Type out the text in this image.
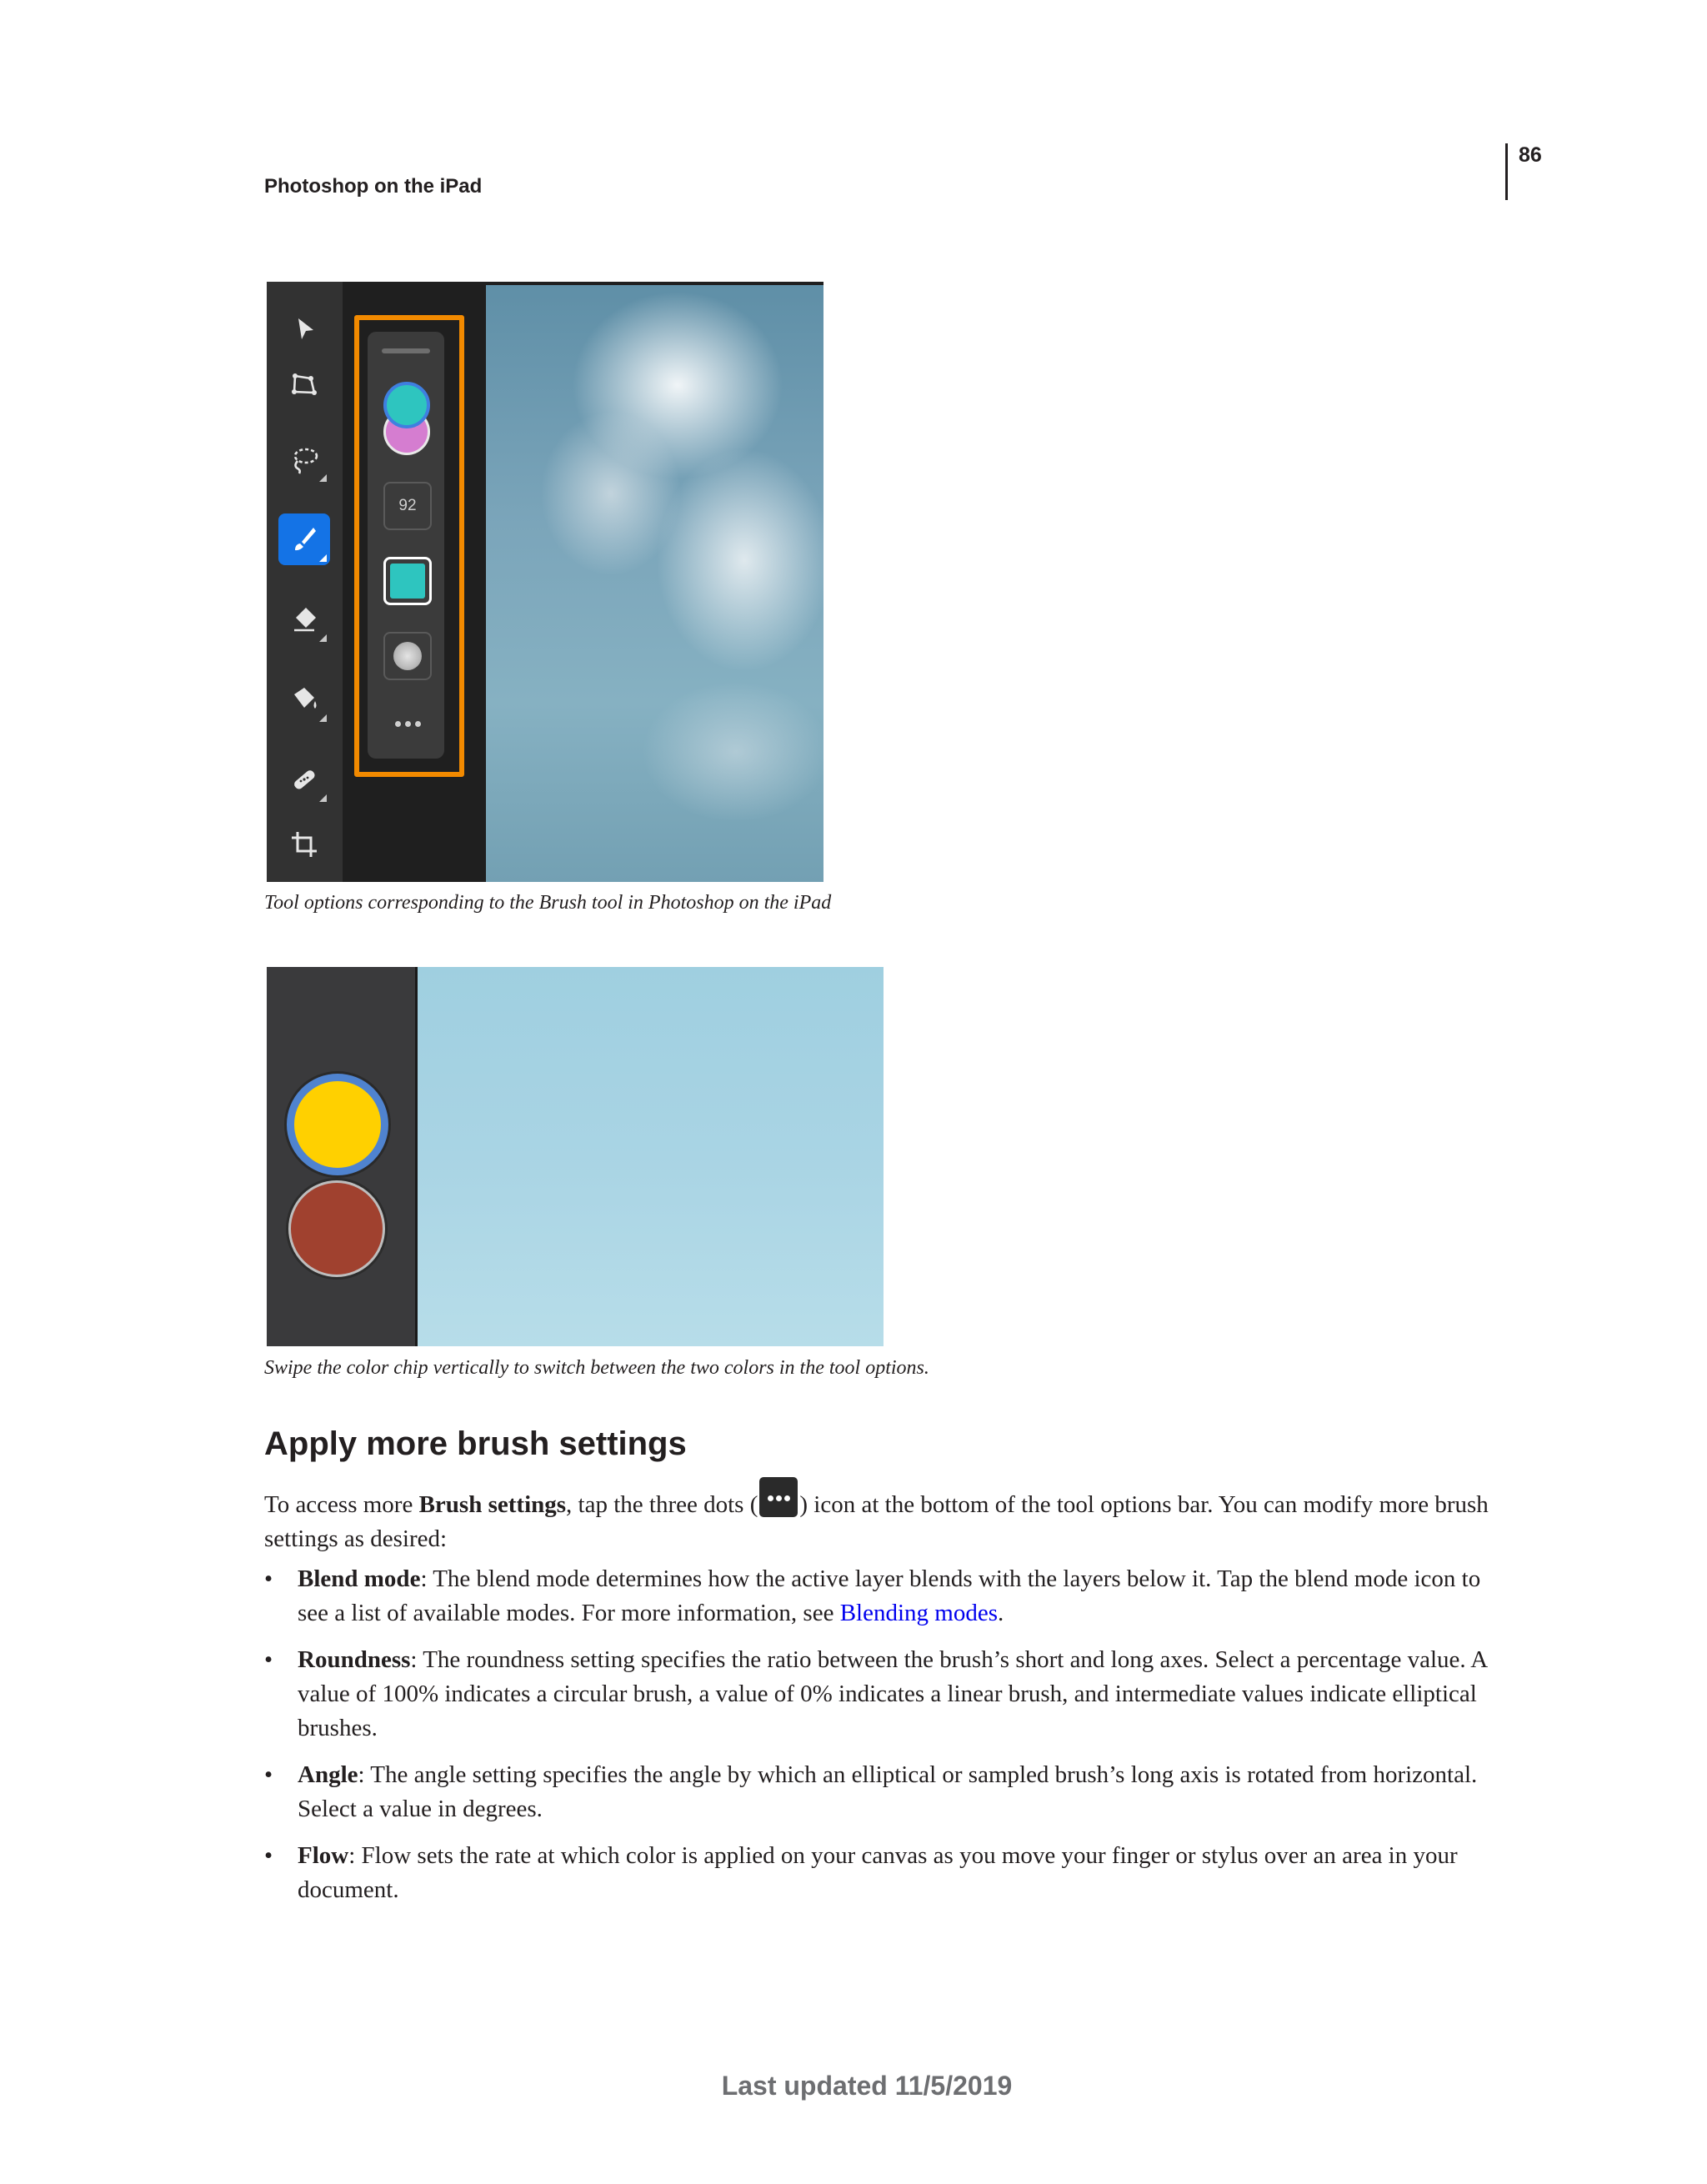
86
Photoshop on the iPad
92
Tool options corresponding to the Brush tool in Photoshop on the iPad
Swipe the color chip vertically to switch between the two colors in the tool options.
Apply more brush settings

To access more Brush settings, tap the three dots ( ) icon at the bottom of the tool options bar. You can modify more brush settings as desired:

• Blend mode: The blend mode determines how the active layer blends with the layers below it. Tap the blend mode icon to see a list of available modes. For more information, see Blending modes.
• Roundness: The roundness setting specifies the ratio between the brush’s short and long axes. Select a percentage value. A value of 100% indicates a circular brush, a value of 0% indicates a linear brush, and intermediate values indicate elliptical brushes.
• Angle: The angle setting specifies the angle by which an elliptical or sampled brush’s long axis is rotated from horizontal. Select a value in degrees.
• Flow: Flow sets the rate at which color is applied on your canvas as you move your finger or stylus over an area in your document.
Last updated 11/5/2019
